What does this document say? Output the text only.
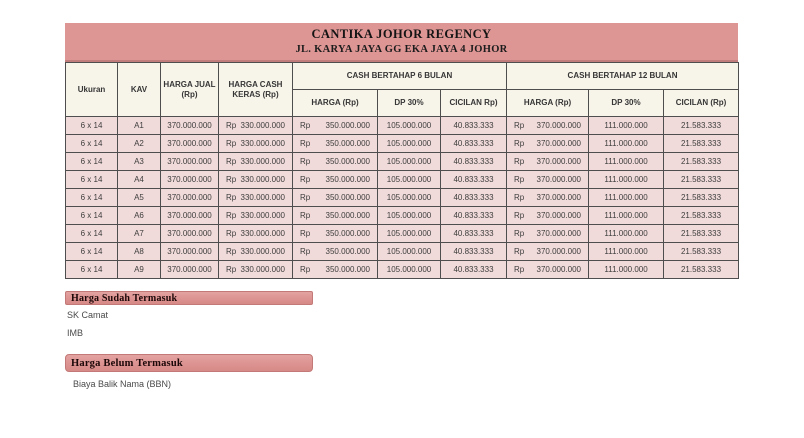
CANTIKA JOHOR REGENCY
JL. KARYA JAYA GG EKA JAYA 4 JOHOR
Ukuran	KAV	HARGA JUAL (Rp)	HARGA CASH KERAS (Rp)	CASH BERTAHAP 6 BULAN			CASH BERTAHAP 12 BULAN		
				HARGA (Rp)	DP 30%	CICILAN Rp)	HARGA (Rp)	DP 30%	CICILAN (Rp)
6 x 14	A1	370.000.000	Rp 330.000.000	Rp 350.000.000	105.000.000	40.833.333	Rp 370.000.000	111.000.000	21.583.333
6 x 14	A2	370.000.000	Rp 330.000.000	Rp 350.000.000	105.000.000	40.833.333	Rp 370.000.000	111.000.000	21.583.333
6 x 14	A3	370.000.000	Rp 330.000.000	Rp 350.000.000	105.000.000	40.833.333	Rp 370.000.000	111.000.000	21.583.333
6 x 14	A4	370.000.000	Rp 330.000.000	Rp 350.000.000	105.000.000	40.833.333	Rp 370.000.000	111.000.000	21.583.333
6 x 14	A5	370.000.000	Rp 330.000.000	Rp 350.000.000	105.000.000	40.833.333	Rp 370.000.000	111.000.000	21.583.333
6 x 14	A6	370.000.000	Rp 330.000.000	Rp 350.000.000	105.000.000	40.833.333	Rp 370.000.000	111.000.000	21.583.333
6 x 14	A7	370.000.000	Rp 330.000.000	Rp 350.000.000	105.000.000	40.833.333	Rp 370.000.000	111.000.000	21.583.333
6 x 14	A8	370.000.000	Rp 330.000.000	Rp 350.000.000	105.000.000	40.833.333	Rp 370.000.000	111.000.000	21.583.333
6 x 14	A9	370.000.000	Rp 330.000.000	Rp 350.000.000	105.000.000	40.833.333	Rp 370.000.000	111.000.000	21.583.333
Harga Sudah Termasuk
SK Camat
IMB
Harga Belum Termasuk
Biaya Balik Nama (BBN)
